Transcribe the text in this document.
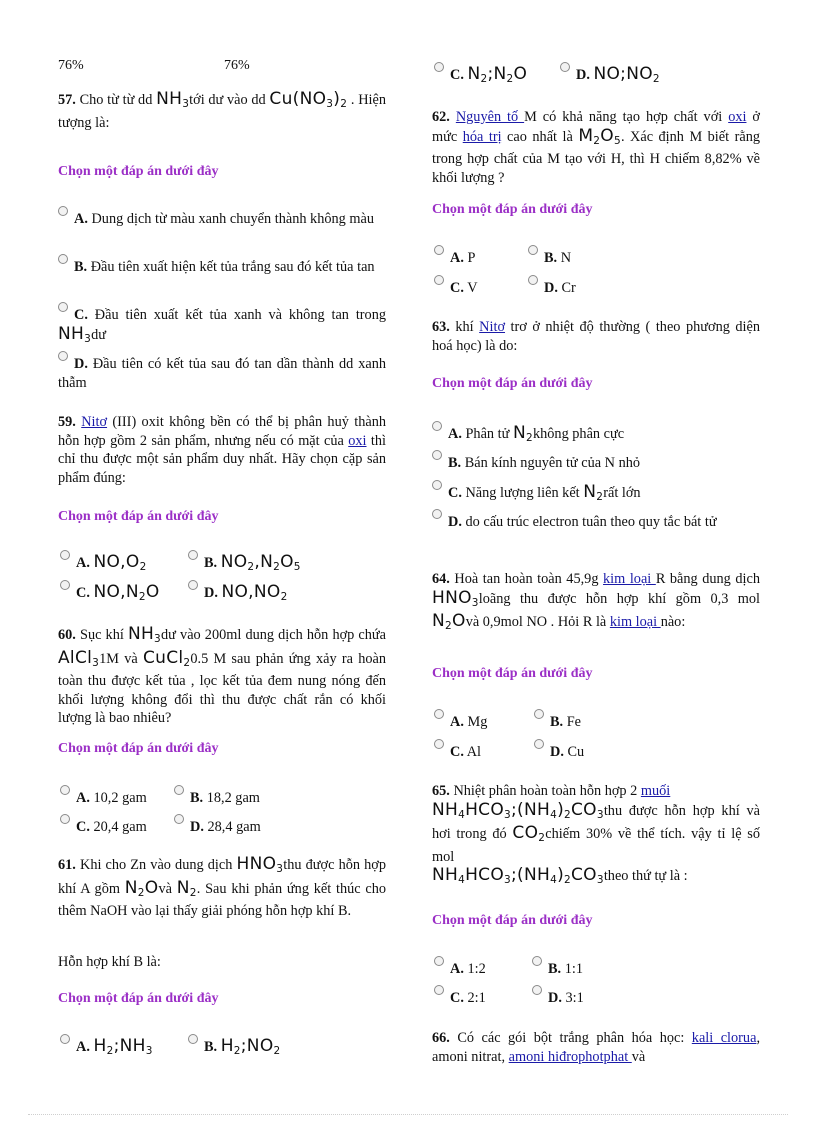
76%	76%

57. Cho từ từ dd $NH_3tới$ dư vào dd $Cu(NO_3)_2$ . Hiện tượng là:

Chọn một đáp án dưới đây

A. Dung dịch từ màu xanh chuyển thành không màu

B. Đầu tiên xuất hiện kết tủa trắng sau đó kết tủa tan

C. Đầu tiên xuất kết tủa xanh và không tan trong $NH_3dư$

D. Đầu tiên có kết tủa sau đó tan dần thành dd xanh thẫm

59. Nitơ (III) oxit không bền có thể bị phân huỷ thành hỗn hợp gồm 2 sản phẩm, nhưng nếu có mặt của oxi thì chỉ thu được một sản phẩm duy nhất. Hãy chọn cặp sản phẩm đúng:

Chọn một đáp án dưới đây
A. $NO,O_2$	B. $NO_2,N_2O_5$
C. $NO,N_2O$	D. $NO,NO_2$

60. Sục khí $NH_3dư$ vào 200ml dung dịch hỗn hợp chứa AlCl$_3$1M và CuCl$_2$0.5 M sau phản ứng xảy ra hoàn toàn thu được kết tủa , lọc kết tủa đem nung nóng đến khối lượng không đổi thì thu được chất rắn có khối lượng là bao nhiêu?

Chọn một đáp án dưới đây
A. 10,2 gam	B. 18,2 gam
C. 20,4 gam	D. 28,4 gam

61. Khi cho Zn vào dung dịch $HNO_3thu$ được hỗn hợp khí A gồm $N_2Ovà$ $N_2$. Sau khi phản ứng kết thúc cho thêm NaOH vào lại thấy giải phóng hỗn hợp khí B.

Hỗn hợp khí B là:

Chọn một đáp án dưới đây
A. $H_2;NH_3$	B. $H_2;NO_2$
C. $N_2;N_2O$	D. $NO;NO_2$

62. Nguyên tố M có khả năng tạo hợp chất với oxi ở mức hóa trị cao nhất là $M_2O_5$. Xác định M biết rằng trong hợp chất của M tạo với H, thì H chiếm 8,82% về khối lượng ?

Chọn một đáp án dưới đây
A. P	B. N
C. V	D. Cr

63. khí Nitơ trơ ở nhiệt độ thường ( theo phương diện hoá học) là do:

Chọn một đáp án dưới đây

A. Phân tử $N_2không$ phân cực

B. Bán kính nguyên tử của N nhỏ

C. Năng lượng liên kết $N_2rất$ lớn

D. do cấu trúc electron tuân theo quy tắc bát tử

64. Hoà tan hoàn toàn 45,9g kim loại R bằng dung dịch $HNO_3loãng$ thu được hỗn hợp khí gồm 0,3 mol $N_2Ovà$ 0,9mol NO . Hỏi R là kim loại nào:

Chọn một đáp án dưới đây
A. Mg	B. Fe
C. Al	D. Cu

65. Nhiệt phân hoàn toàn hỗn hợp 2 muối
$NH_4HCO_3;(NH_4)_2CO_3thu$ được hỗn hợp khí và hơi trong đó $CO_2chiếm$ 30% về thể tích. vậy tỉ lệ số mol
$NH_4HCO_3;(NH_4)_2CO_3theo$ thứ tự là :

Chọn một đáp án dưới đây
A. 1:2	B. 1:1
C. 2:1	D. 3:1

66. Có các gói bột trắng phân hóa học: kali clorua, amoni nitrat, amoni hiđrophotphat và
